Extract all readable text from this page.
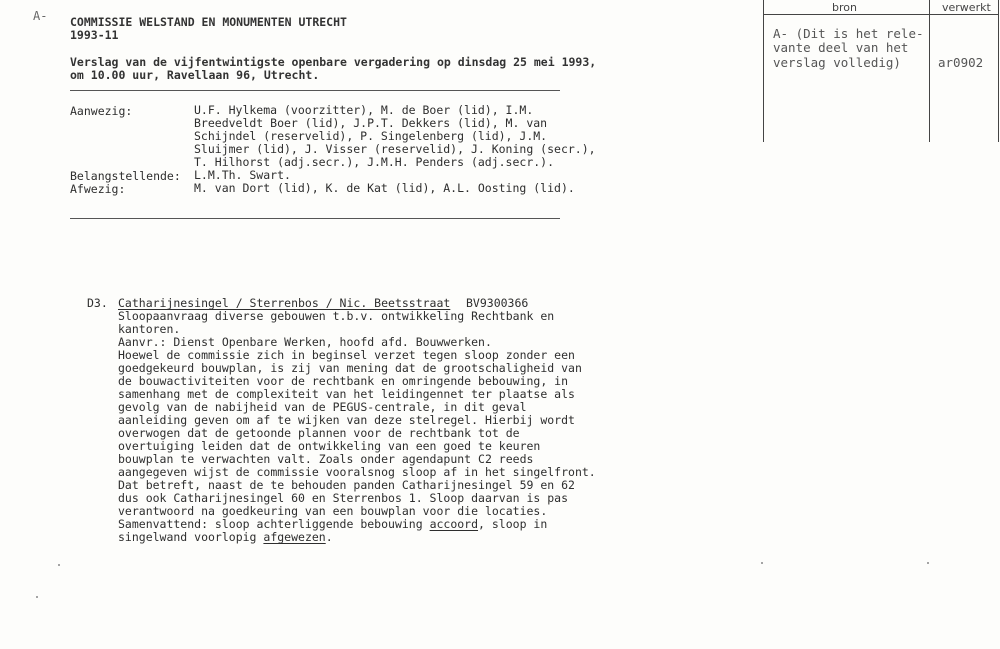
A- COMMISSIE WELSTAND EN MONUMENTEN UTRECHT
1993-11
Verslag van de vijfentwintigste openbare vergadering op dinsdag 25 mei 1993,
om 10.00 uur, Ravellaan 96, Utrecht.
Aanwezig:	U.F. Hylkema (voorzitter), M. de Boer (lid), I.M.
Breedveldt Boer (lid), J.P.T. Dekkers (lid), M. van
Schijndel (reservelid), P. Singelenberg (lid), J.M.
Sluijmer (lid), J. Visser (reservelid), J. Koning (secr.),
T. Hilhorst (adj.secr.), J.M.H. Penders (adj.secr.).
Belangstellende: L.M.Th. Swart.
Afwezig:	M. van Dort (lid), K. de Kat (lid), A.L. Oosting (lid).
D3. Catharijnesingel / Sterrenbos / Nic. Beetsstraat BV9300366
Sloopaanvraag diverse gebouwen t.b.v. ontwikkeling Rechtbank en
kantoren.
Aanvr.: Dienst Openbare Werken, hoofd afd. Bouwwerken.
Hoewel de commissie zich in beginsel verzet tegen sloop zonder een
goedgekeurd bouwplan, is zij van mening dat de grootschaligheid van
de bouwactiviteiten voor de rechtbank en omringende bebouwing, in
samenhang met de complexiteit van het leidingennet ter plaatse als
gevolg van de nabijheid van de PEGUS-centrale, in dit geval
aanleiding geven om af te wijken van deze stelregel. Hierbij wordt
overwogen dat de getoonde plannen voor de rechtbank tot de
overtuiging leiden dat de ontwikkeling van een goed te keuren
bouwplan te verwachten valt. Zoals onder agendapunt C2 reeds
aangegeven wijst de commissie vooralsnog sloop af in het singelfront.
Dat betreft, naast de te behouden panden Catharijnesingel 59 en 62
dus ook Catharijnesingel 60 en Sterrenbos 1. Sloop daarvan is pas
verantwoord na goedkeuring van een bouwplan voor die locaties.
Samenvattend: sloop achterliggende bebouwing accoord, sloop in
singelwand voorlopig afgewezen.
bron	verwerkt
A- (Dit is het rele-
vante deel van het
verslag volledig)	ar0902
